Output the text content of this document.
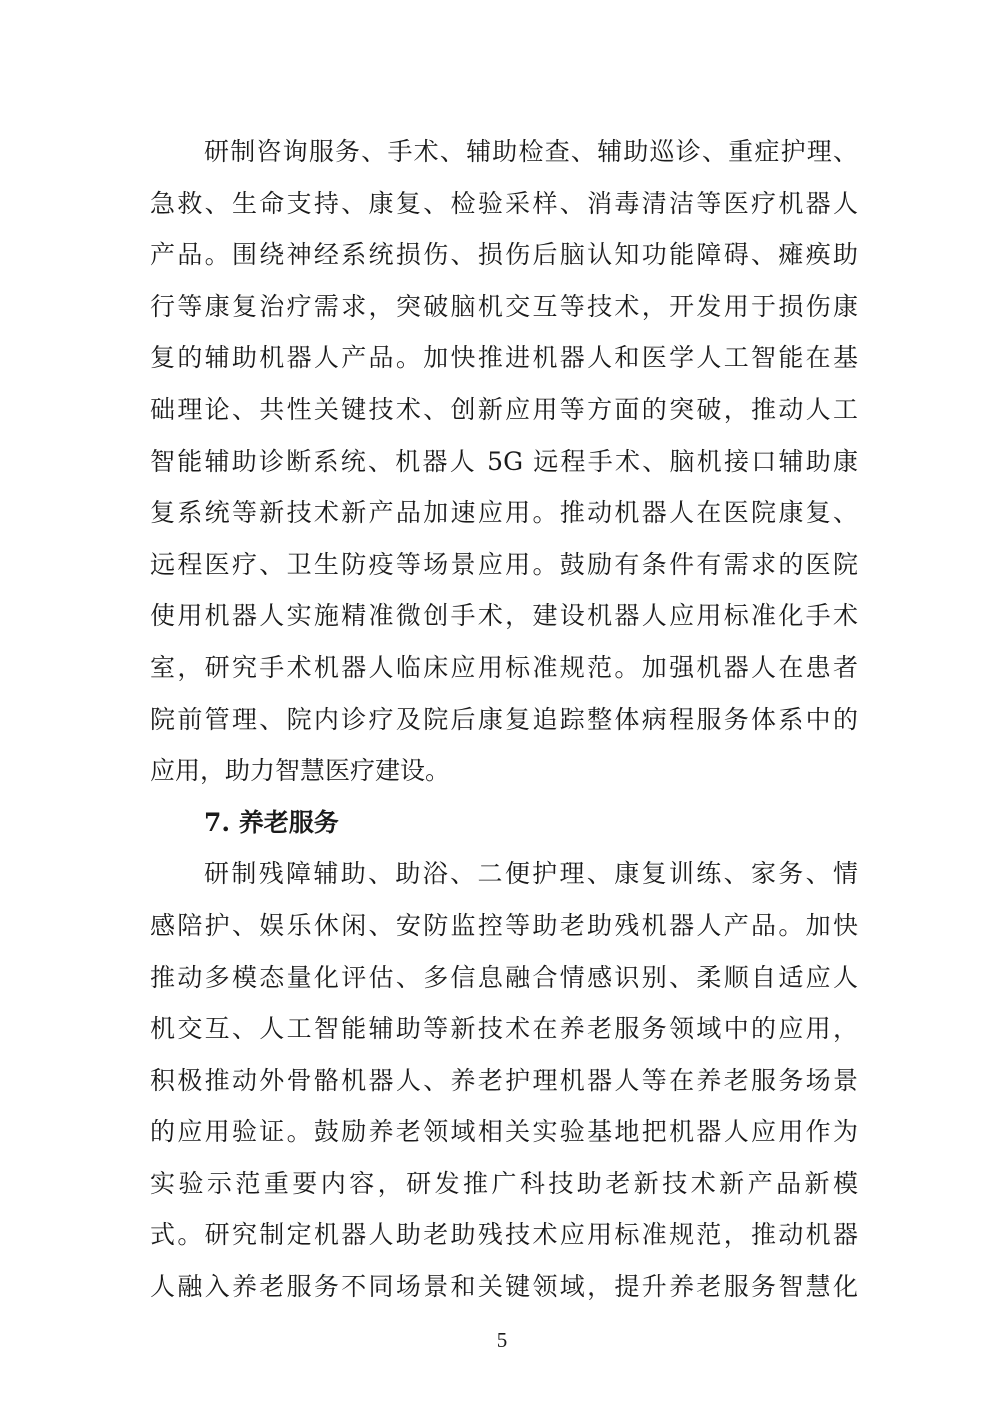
研制咨询服务、手术、辅助检查、辅助巡诊、重症护理、
急救、生命支持、康复、检验采样、消毒清洁等医疗机器人
产品。围绕神经系统损伤、损伤后脑认知功能障碍、瘫痪助
行等康复治疗需求，突破脑机交互等技术，开发用于损伤康
复的辅助机器人产品。加快推进机器人和医学人工智能在基
础理论、共性关键技术、创新应用等方面的突破，推动人工
智能辅助诊断系统、机器人 5G 远程手术、脑机接口辅助康
复系统等新技术新产品加速应用。推动机器人在医院康复、
远程医疗、卫生防疫等场景应用。鼓励有条件有需求的医院
使用机器人实施精准微创手术，建设机器人应用标准化手术
室，研究手术机器人临床应用标准规范。加强机器人在患者
院前管理、院内诊疗及院后康复追踪整体病程服务体系中的
应用，助力智慧医疗建设。
7. 养老服务
研制残障辅助、助浴、二便护理、康复训练、家务、情
感陪护、娱乐休闲、安防监控等助老助残机器人产品。加快
推动多模态量化评估、多信息融合情感识别、柔顺自适应人
机交互、人工智能辅助等新技术在养老服务领域中的应用，
积极推动外骨骼机器人、养老护理机器人等在养老服务场景
的应用验证。鼓励养老领域相关实验基地把机器人应用作为
实验示范重要内容，研发推广科技助老新技术新产品新模
式。研究制定机器人助老助残技术应用标准规范，推动机器
人融入养老服务不同场景和关键领域，提升养老服务智慧化
5
